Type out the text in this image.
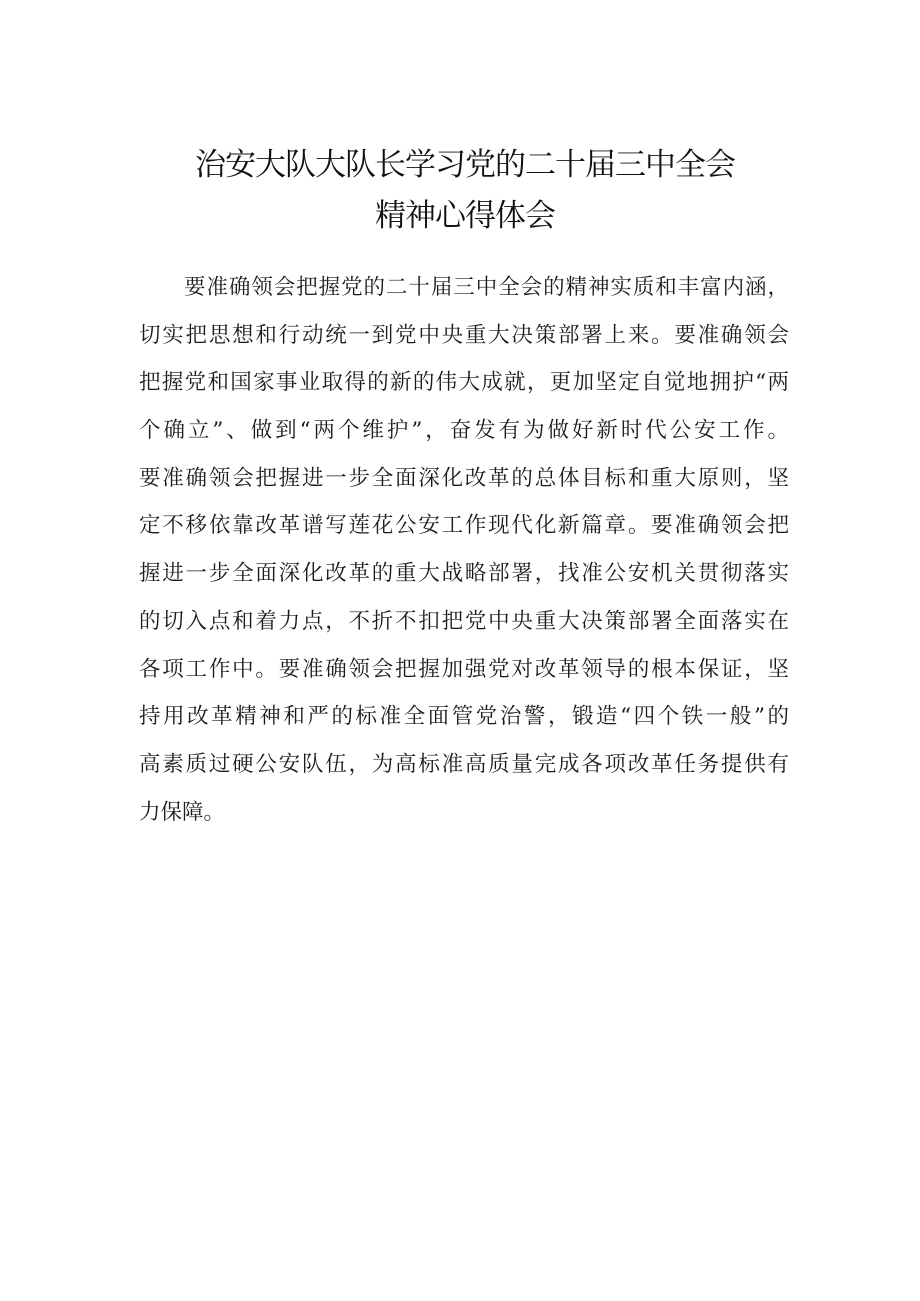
治安大队大队长学习党的二十届三中全会
精神心得体会
要准确领会把握党的二十届三中全会的精神实质和丰富内涵，
切实把思想和行动统一到党中央重大决策部署上来。要准确领会
把握党和国家事业取得的新的伟大成就，更加坚定自觉地拥护“两
个确立”、做到“两个维护”，奋发有为做好新时代公安工作。
要准确领会把握进一步全面深化改革的总体目标和重大原则，坚
定不移依靠改革谱写莲花公安工作现代化新篇章。要准确领会把
握进一步全面深化改革的重大战略部署，找准公安机关贯彻落实
的切入点和着力点，不折不扣把党中央重大决策部署全面落实在
各项工作中。要准确领会把握加强党对改革领导的根本保证，坚
持用改革精神和严的标准全面管党治警，锻造“四个铁一般”的
高素质过硬公安队伍，为高标准高质量完成各项改革任务提供有
力保障。
